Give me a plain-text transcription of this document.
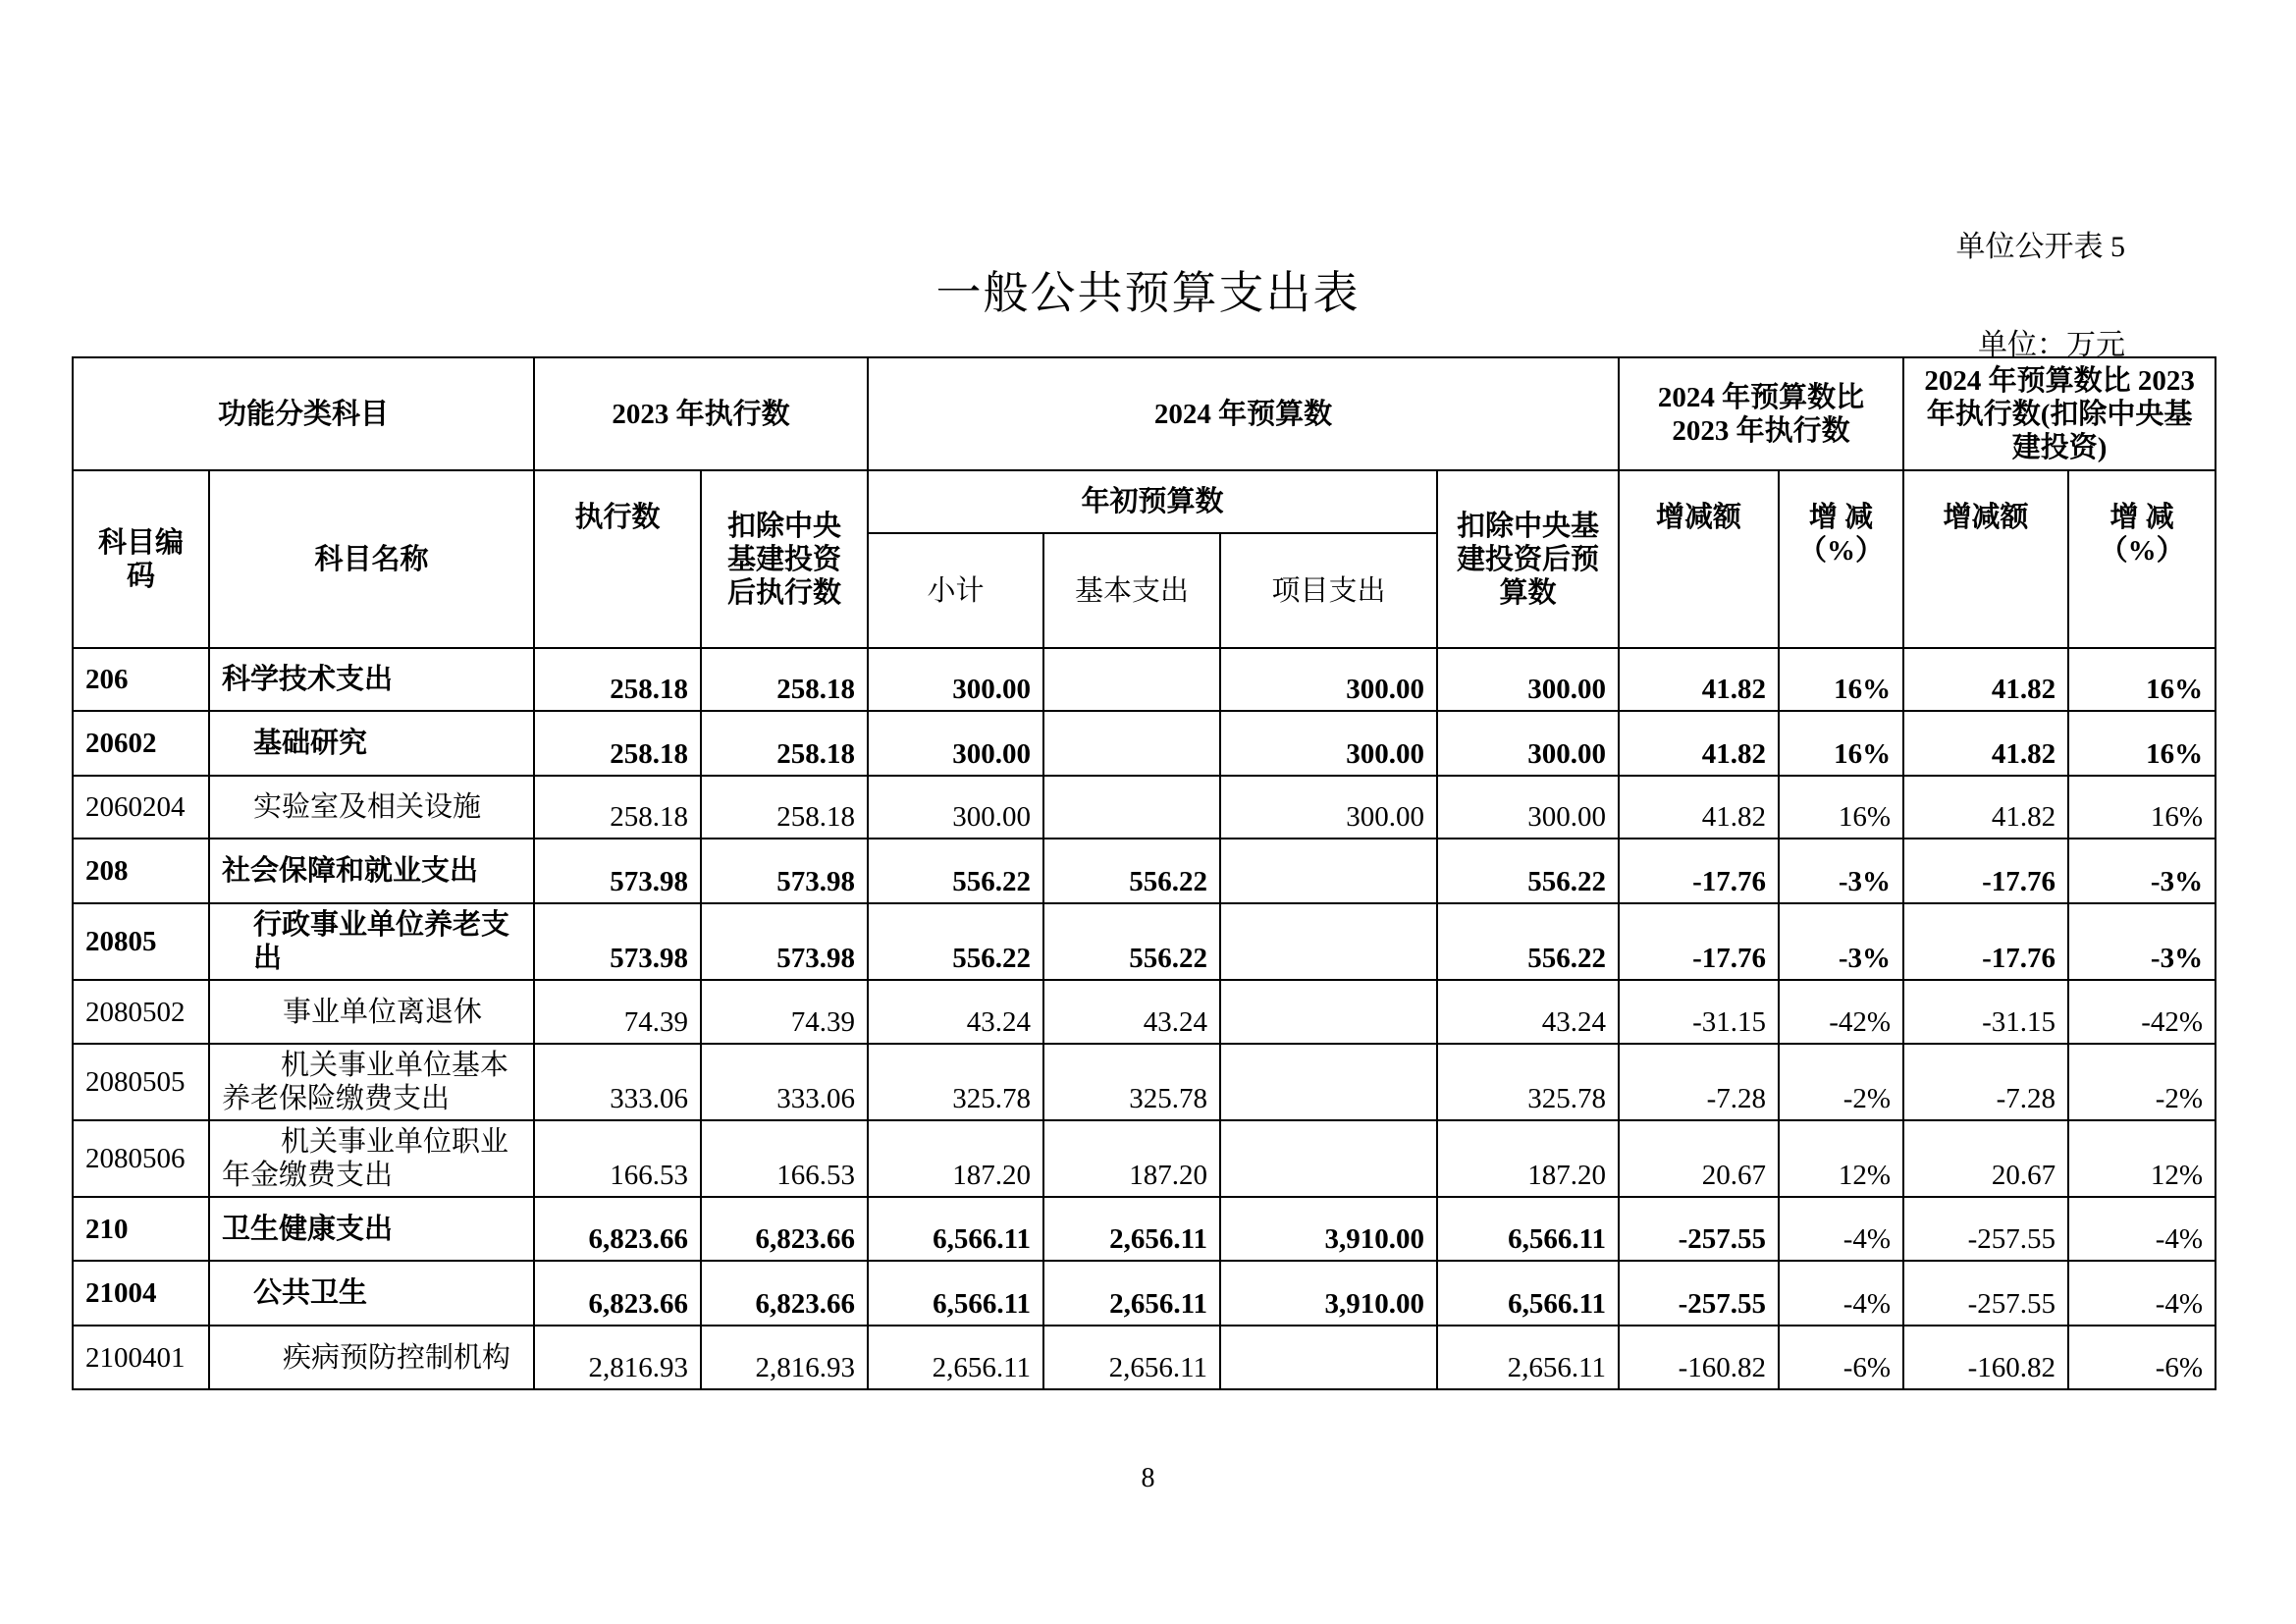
单位公开表 5
一般公共预算支出表
单位：万元
功能分类科目		2023 年执行数		2024 年预算数				2024 年预算数比 2023 年执行数		2024 年预算数比 2023 年执行数(扣除中央基建投资)	
科目编码	科目名称	执行数	扣除中央基建投资后执行数	年初预算数			扣除中央基建投资后预算数	增减额	增 减（%）	增减额	增 减（%）
				小计	基本支出	项目支出					
206	科学技术支出	258.18	258.18	300.00		300.00	300.00	41.82	16%	41.82	16%
20602	基础研究	258.18	258.18	300.00		300.00	300.00	41.82	16%	41.82	16%
2060204	实验室及相关设施	258.18	258.18	300.00		300.00	300.00	41.82	16%	41.82	16%
208	社会保障和就业支出	573.98	573.98	556.22	556.22		556.22	-17.76	-3%	-17.76	-3%
20805	行政事业单位养老支出	573.98	573.98	556.22	556.22		556.22	-17.76	-3%	-17.76	-3%
2080502	事业单位离退休	74.39	74.39	43.24	43.24		43.24	-31.15	-42%	-31.15	-42%
2080505	机关事业单位基本养老保险缴费支出	333.06	333.06	325.78	325.78		325.78	-7.28	-2%	-7.28	-2%
2080506	机关事业单位职业年金缴费支出	166.53	166.53	187.20	187.20		187.20	20.67	12%	20.67	12%
210	卫生健康支出	6,823.66	6,823.66	6,566.11	2,656.11	3,910.00	6,566.11	-257.55	-4%	-257.55	-4%
21004	公共卫生	6,823.66	6,823.66	6,566.11	2,656.11	3,910.00	6,566.11	-257.55	-4%	-257.55	-4%
2100401	疾病预防控制机构	2,816.93	2,816.93	2,656.11	2,656.11		2,656.11	-160.82	-6%	-160.82	-6%
8
